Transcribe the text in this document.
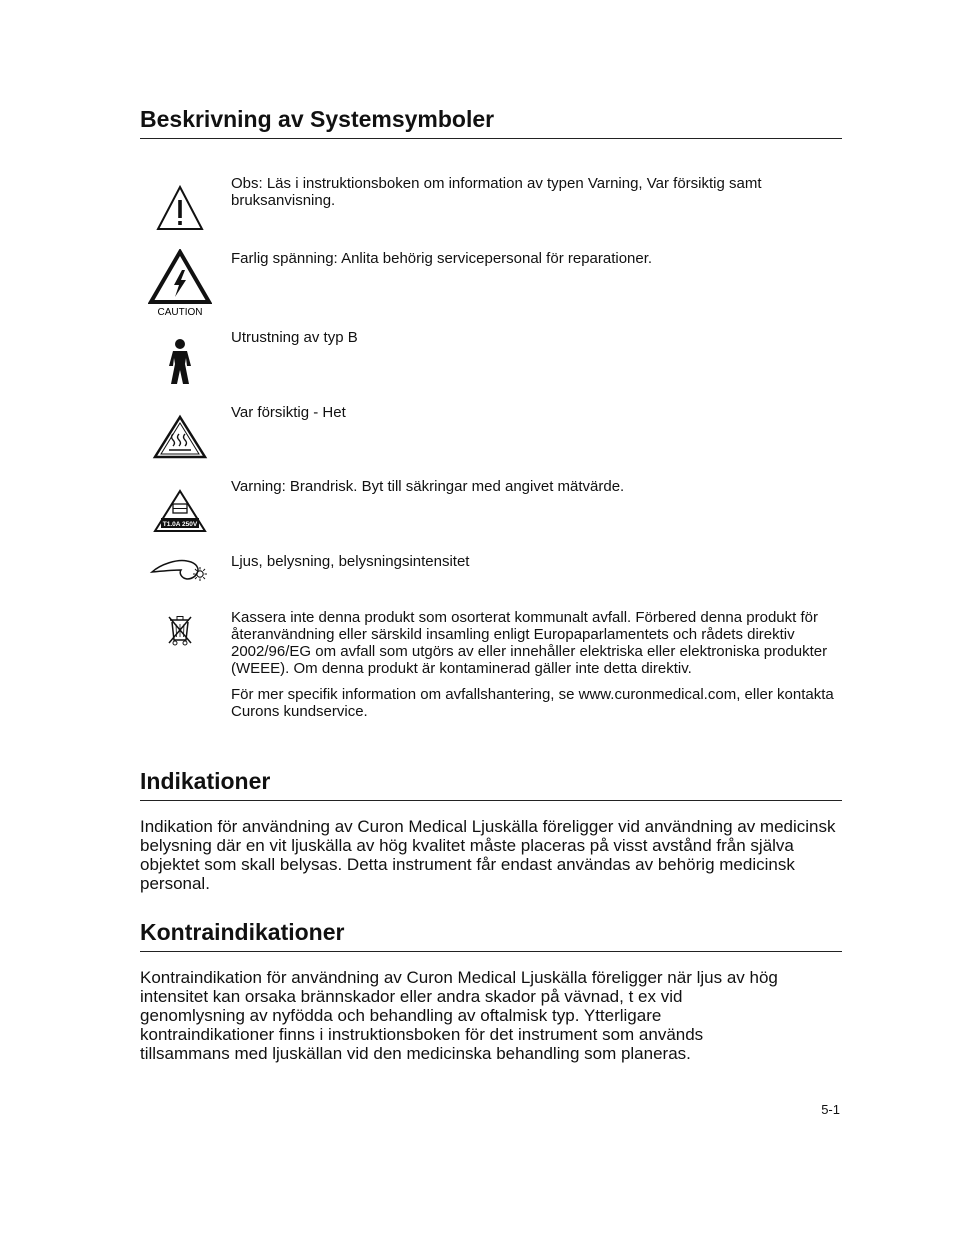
Beskrivning av Systemsymboler
Obs: Läs i instruktionsboken om information av typen Varning, Var försiktig samt bruksanvisning.
CAUTION
Farlig spänning: Anlita behörig servicepersonal för reparationer.
Utrustning av typ B
Var försiktig - Het
T1.0A 250V
Varning: Brandrisk. Byt till säkringar med angivet mätvärde.
Ljus, belysning, belysningsintensitet

Kassera inte denna produkt som osorterat kommunalt avfall. Förbered denna produkt för återanvändning eller särskild insamling enligt Europaparlamentets och rådets direktiv 2002/96/EG om avfall som utgörs av eller innehåller elektriska eller elektroniska produkter (WEEE). Om denna produkt är kontaminerad gäller inte detta direktiv.

För mer specifik information om avfallshantering, se www.curonmedical.com, eller kontakta Curons kundservice.

Indikationer
Indikation för användning av Curon Medical Ljuskälla föreligger vid användning av medicinsk belysning där en vit ljuskälla av hög kvalitet måste placeras på visst avstånd från själva objektet som skall belysas. Detta instrument får endast användas av behörig medicinsk personal.
Kontraindikationer
Kontraindikation för användning av Curon Medical Ljuskälla föreligger när ljus av hög intensitet kan orsaka brännskador eller andra skador på vävnad, t ex vid genomlysning av nyfödda och behandling av oftalmisk typ. Ytterligare kontraindikationer finns i instruktionsboken för det instrument som används tillsammans med ljuskällan vid den medicinska behandling som planeras.
5-1
